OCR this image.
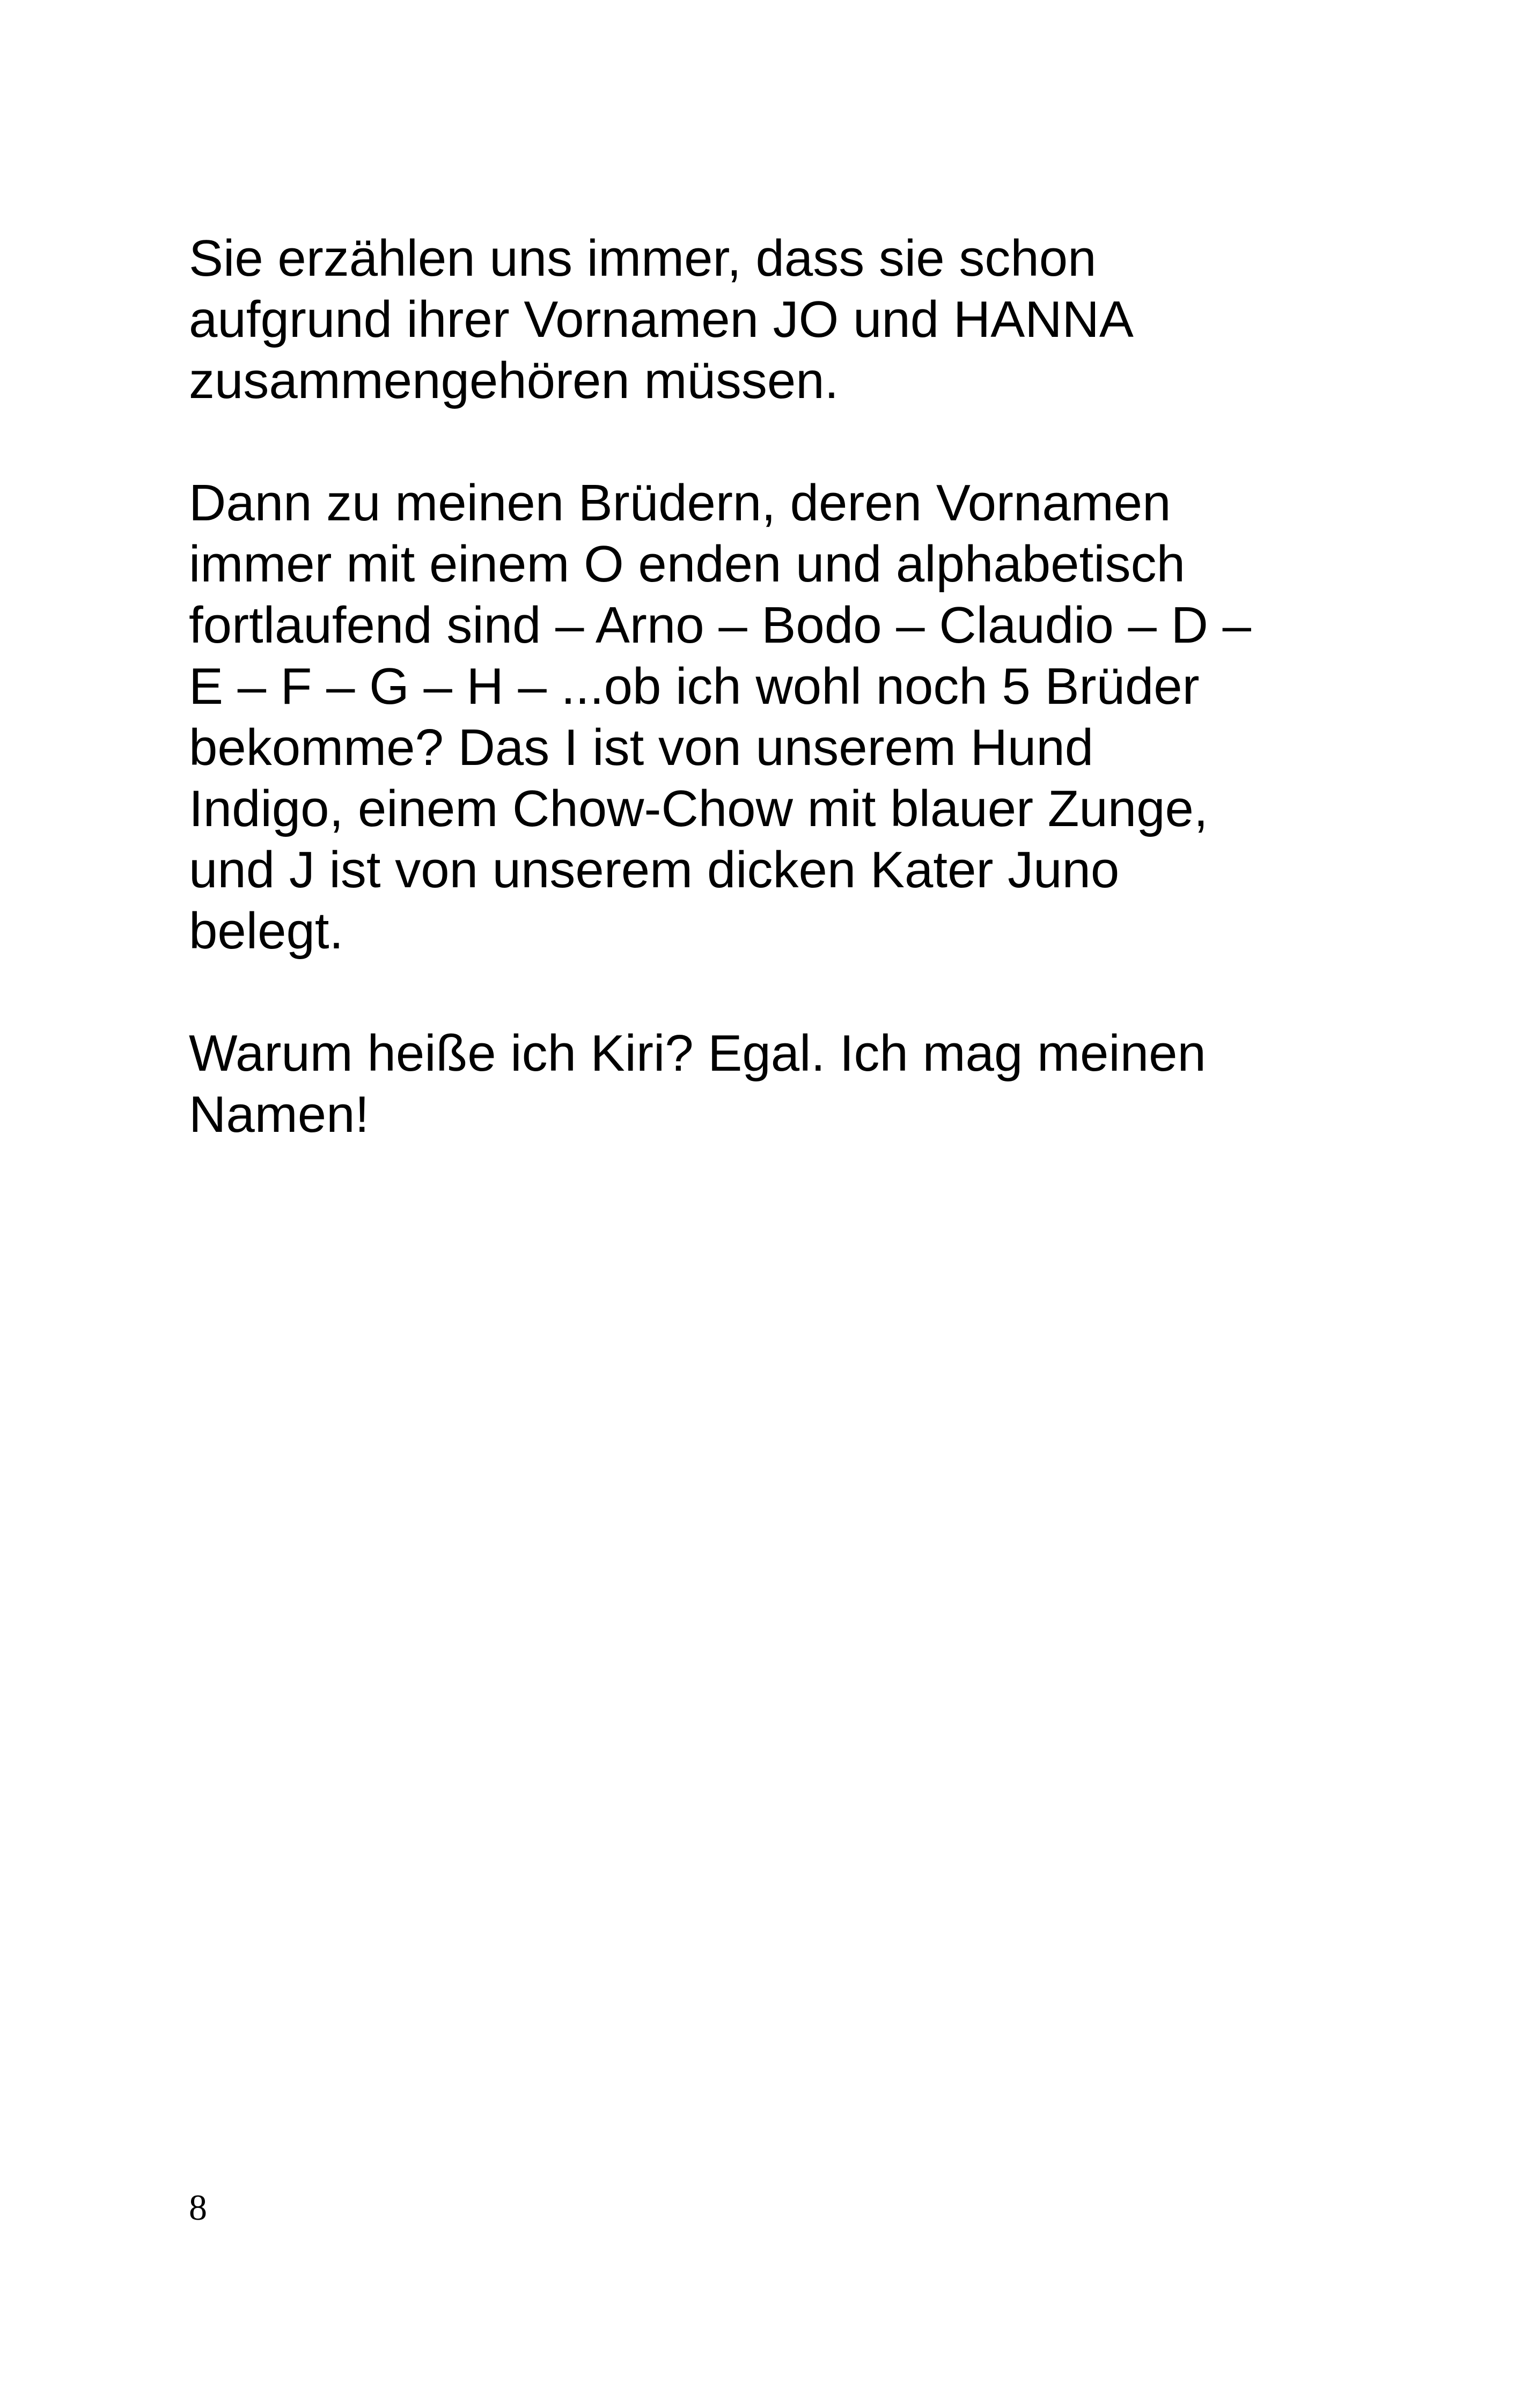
Sie erzählen uns immer, dass sie schon
aufgrund ihrer Vornamen JO und HANNA
zusammengehören müssen.

Dann zu meinen Brüdern, deren Vornamen
immer mit einem O enden und alphabetisch
fortlaufend sind – Arno – Bodo – Claudio – D –
E – F – G – H – ...ob ich wohl noch 5 Brüder
bekomme? Das I ist von unserem Hund
Indigo, einem Chow-Chow mit blauer Zunge,
und J ist von unserem dicken Kater Juno
belegt.

Warum heiße ich Kiri? Egal. Ich mag meinen
Namen!

8
